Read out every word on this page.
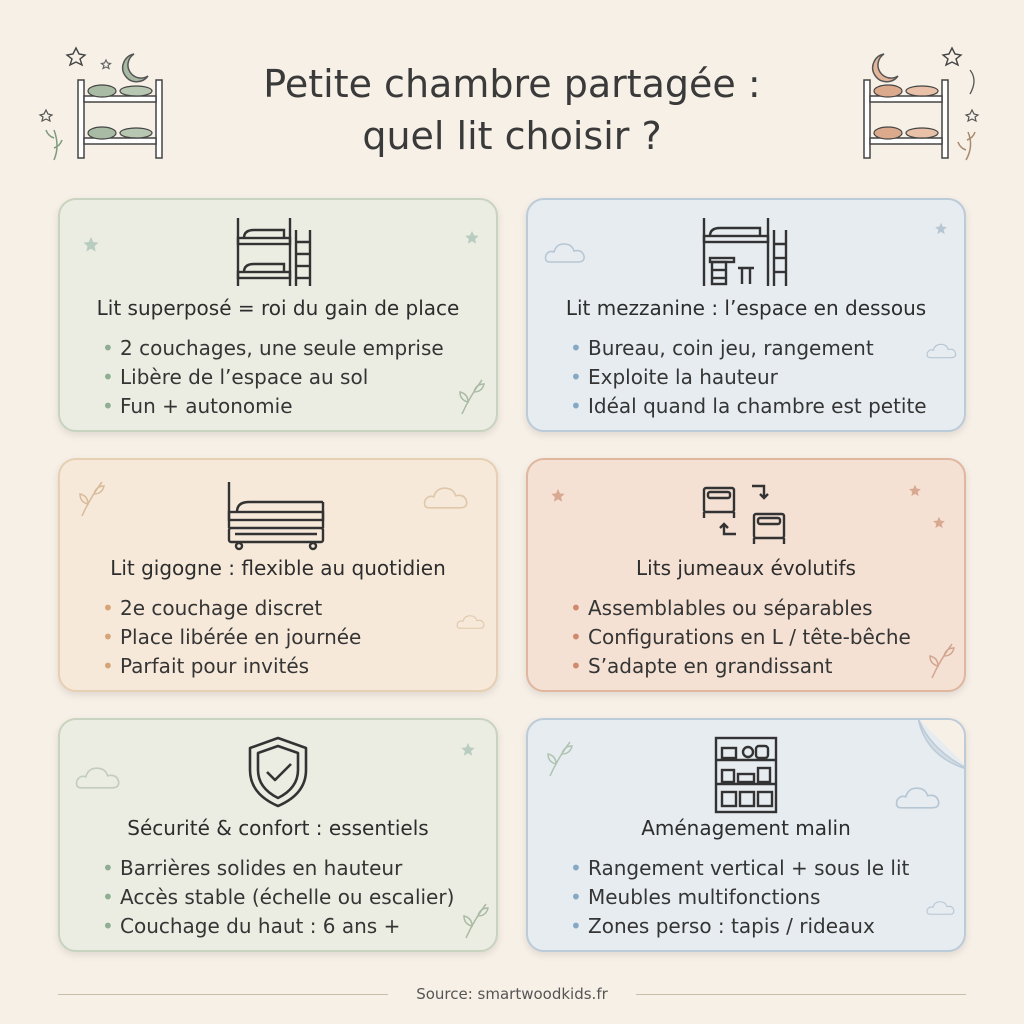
Petite chambre partagée :
quel lit choisir ?
Lit superposé = roi du gain de place
• 2 couchages, une seule emprise
• Libère de l’espace au sol
• Fun + autonomie
Lit mezzanine : l’espace en dessous
• Bureau, coin jeu, rangement
• Exploite la hauteur
• Idéal quand la chambre est petite
Lit gigogne : flexible au quotidien
• 2e couchage discret
• Place libérée en journée
• Parfait pour invités
Lits jumeaux évolutifs
• Assemblables ou séparables
• Configurations en L / tête-bêche
• S’adapte en grandissant
Sécurité & confort : essentiels
• Barrières solides en hauteur
• Accès stable (échelle ou escalier)
• Couchage du haut : 6 ans +
Aménagement malin
• Rangement vertical + sous le lit
• Meubles multifonctions
• Zones perso : tapis / rideaux
Source: smartwoodkids.fr
